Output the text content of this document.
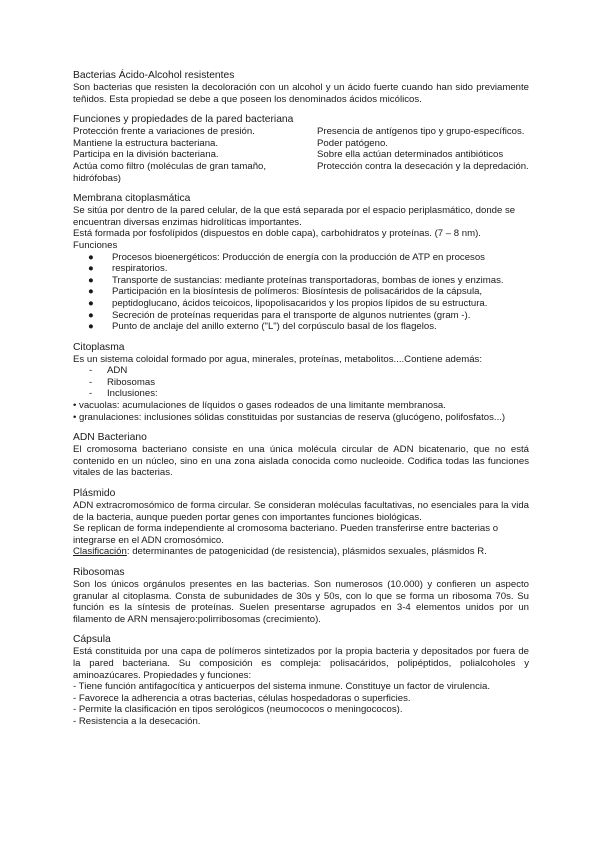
Bacterias Ácido-Alcohol resistentes

Son bacterias que resisten la decoloración con un alcohol y un ácido fuerte cuando han sido previamente teñidos. Esta propiedad se debe a que poseen los denominados ácidos micólicos.

Funciones y propiedades de la pared bacteriana

Protección frente a variaciones de presión.

Mantiene la estructura bacteriana.

Participa en la división bacteriana.

Actúa como filtro (moléculas de gran tamaño, hidrófobas)

Presencia de antígenos tipo y grupo-específicos.

Poder patógeno.

Sobre ella actúan determinados antibióticos

Protección contra la desecación y la depredación.

Membrana citoplasmática

Se sitúa por dentro de la pared celular, de la que está separada por el espacio periplasmático, donde se encuentran diversas enzimas hidrolíticas importantes.

Está formada por fosfolípidos (dispuestos en doble capa), carbohidratos y proteínas. (7 – 8 nm).

Funciones

● Procesos bioenergéticos: Producción de energía con la producción de ATP en procesos
● respiratorios.
● Transporte de sustancias: mediante proteínas transportadoras, bombas de iones y enzimas.
● Participación en la biosíntesis de polímeros: Biosíntesis de polisacáridos de la cápsula,
● peptidoglucano, ácidos teicoicos, lipopolisacaridos y los propios lípidos de su estructura.
● Secreción de proteínas requeridas para el transporte de algunos nutrientes (gram -).
● Punto de anclaje del anillo externo ("L") del corpúsculo basal de los flagelos.
Citoplasma

Es un sistema coloidal formado por agua, minerales, proteínas, metabolitos....Contiene además:

- ADN
- Ribosomas
- Inclusiones:

• vacuolas: acumulaciones de líquidos o gases rodeados de una limitante membranosa.

• granulaciones: inclusiones sólidas constituidas por sustancias de reserva (glucógeno, polifosfatos...)

ADN Bacteriano

El cromosoma bacteriano consiste en una única molécula circular de ADN bicatenario, que no está contenido en un núcleo, sino en una zona aislada conocida como nucleoide. Codifica todas las funciones vitales de las bacterias.

Plásmido

ADN extracromosómico de forma circular. Se consideran moléculas facultativas, no esenciales para la vida de la bacteria, aunque pueden portar genes con importantes funciones biológicas.

Se replican de forma independiente al cromosoma bacteriano. Pueden transferirse entre bacterias o integrarse en el ADN cromosómico.

Clasificación: determinantes de patogenicidad (de resistencia), plásmidos sexuales, plásmidos R.

Ribosomas

Son los únicos orgánulos presentes en las bacterias. Son numerosos (10.000) y confieren un aspecto granular al citoplasma. Consta de subunidades de 30s y 50s, con lo que se forma un ribosoma 70s. Su función es la síntesis de proteínas. Suelen presentarse agrupados en 3-4 elementos unidos por un filamento de ARN mensajero:polirribosomas (crecimiento).

Cápsula

Está constituida por una capa de polímeros sintetizados por la propia bacteria y depositados por fuera de la pared bacteriana. Su composición es compleja: polisacáridos, polipéptidos, polialcoholes y aminoazúcares. Propiedades y funciones:

- Tiene función antifagocítica y anticuerpos del sistema inmune. Constituye un factor de virulencia.

- Favorece la adherencia a otras bacterias, células hospedadoras o superficies.

- Permite la clasificación en tipos serológicos (neumococos o meningococos).

- Resistencia a la desecación.
